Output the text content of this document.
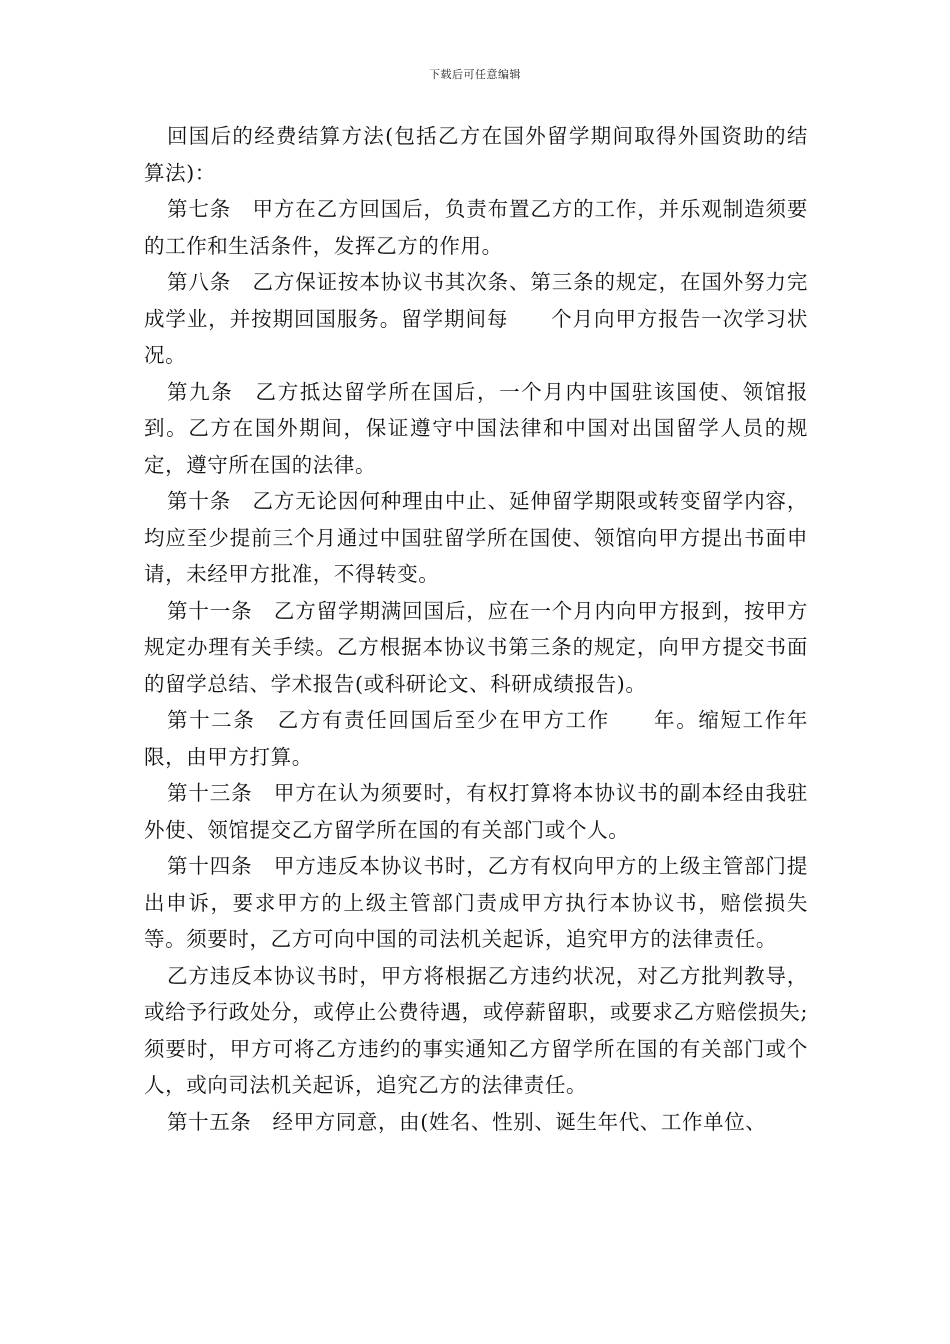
下载后可任意编辑

回国后的经费结算方法(包括乙方在国外留学期间取得外国资助的结算法)：

第七条　甲方在乙方回国后，负责布置乙方的工作，并乐观制造须要的工作和生活条件，发挥乙方的作用。

第八条　乙方保证按本协议书其次条、第三条的规定，在国外努力完成学业，并按期回国服务。留学期间每　　个月向甲方报告一次学习状况。

第九条　乙方抵达留学所在国后，一个月内中国驻该国使、领馆报到。乙方在国外期间，保证遵守中国法律和中国对出国留学人员的规定，遵守所在国的法律。

第十条　乙方无论因何种理由中止、延伸留学期限或转变留学内容，均应至少提前三个月通过中国驻留学所在国使、领馆向甲方提出书面申请，未经甲方批准，不得转变。

第十一条　乙方留学期满回国后，应在一个月内向甲方报到，按甲方规定办理有关手续。乙方根据本协议书第三条的规定，向甲方提交书面的留学总结、学术报告(或科研论文、科研成绩报告)。

第十二条　乙方有责任回国后至少在甲方工作　　年。缩短工作年限，由甲方打算。

第十三条　甲方在认为须要时，有权打算将本协议书的副本经由我驻外使、领馆提交乙方留学所在国的有关部门或个人。

第十四条　甲方违反本协议书时，乙方有权向甲方的上级主管部门提出申诉，要求甲方的上级主管部门责成甲方执行本协议书，赔偿损失等。须要时，乙方可向中国的司法机关起诉，追究甲方的法律责任。

乙方违反本协议书时，甲方将根据乙方违约状况，对乙方批判教导，或给予行政处分，或停止公费待遇，或停薪留职，或要求乙方赔偿损失;须要时，甲方可将乙方违约的事实通知乙方留学所在国的有关部门或个人，或向司法机关起诉，追究乙方的法律责任。

第十五条　经甲方同意，由(姓名、性别、诞生年代、工作单位、
